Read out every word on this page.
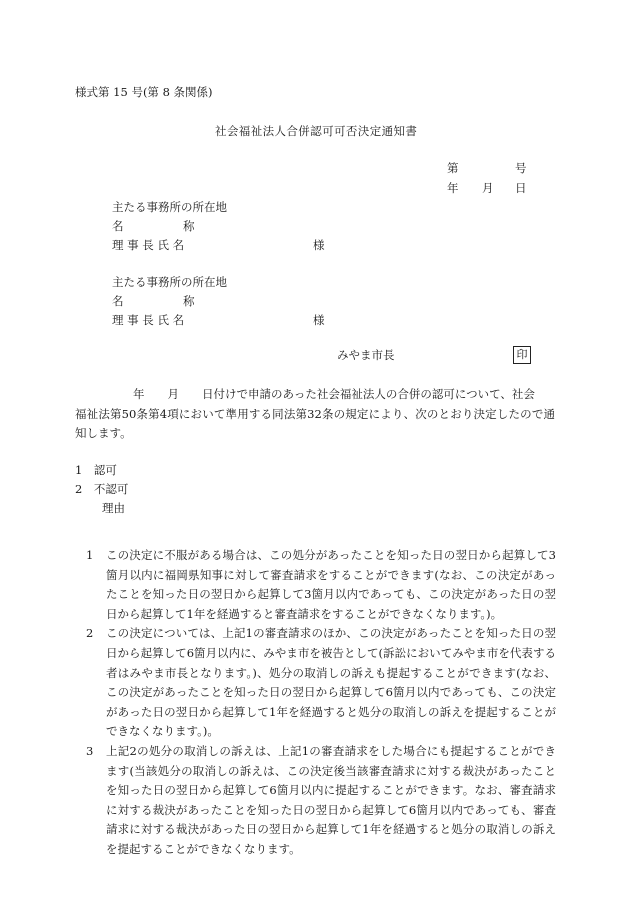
様式第 15 号(第 8 条関係)
社会福祉法人合併認可可否決定通知書
第	号
年 月 日
主たる事務所の所在地
名	称
理 事 長 氏 名	様
主たる事務所の所在地
名	称
理 事 長 氏 名	様
みやま市長	印

年　　月　　日付けで申請のあった社会福祉法人の合併の認可について、社会

福祉法第50条第4項において準用する同法第32条の規定により、次のとおり決定したので通知します。

1　認可
2　不認可
理由

1 この決定に不服がある場合は、この処分があったことを知った日の翌日から起算して3箇月以内に福岡県知事に対して審査請求をすることができます(なお、この決定があったことを知った日の翌日から起算して3箇月以内であっても、この決定があった日の翌日から起算して1年を経過すると審査請求をすることができなくなります。)。

2 この決定については、上記1の審査請求のほか、この決定があったことを知った日の翌日から起算して6箇月以内に、みやま市を被告として(訴訟においてみやま市を代表する者はみやま市長となります。)、処分の取消しの訴えも提起することができます(なお、この決定があったことを知った日の翌日から起算して6箇月以内であっても、この決定があった日の翌日から起算して1年を経過すると処分の取消しの訴えを提起することができなくなります。)。

3 上記2の処分の取消しの訴えは、上記1の審査請求をした場合にも提起することができます(当該処分の取消しの訴えは、この決定後当該審査請求に対する裁決があったことを知った日の翌日から起算して6箇月以内に提起することができます。なお、審査請求に対する裁決があったことを知った日の翌日から起算して6箇月以内であっても、審査請求に対する裁決があった日の翌日から起算して1年を経過すると処分の取消しの訴えを提起することができなくなります。
